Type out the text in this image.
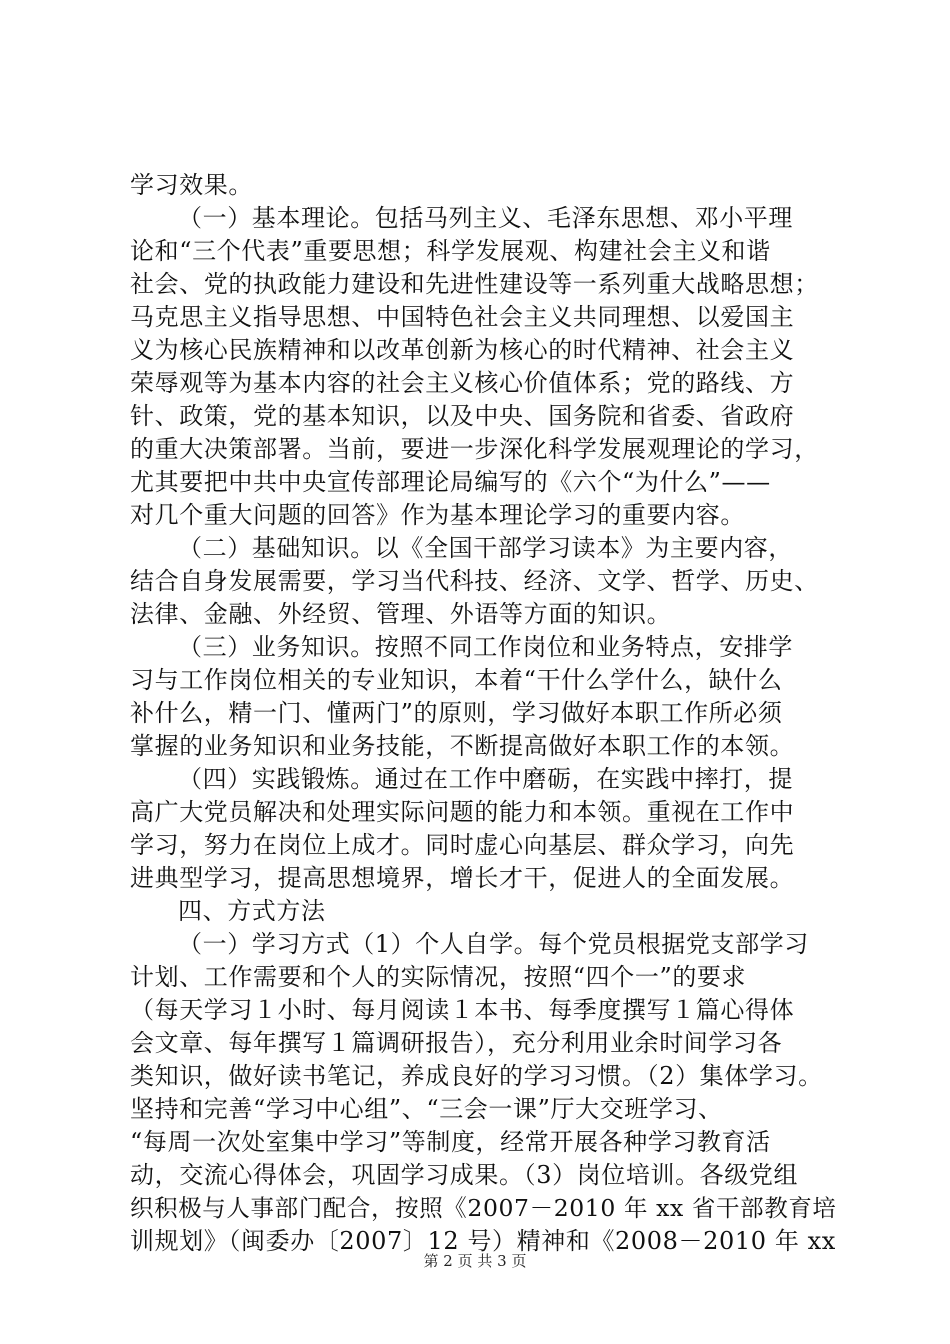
学习效果。
（一）基本理论。包括马列主义、毛泽东思想、邓小平理
论和“三个代表”重要思想；科学发展观、构建社会主义和谐
社会、党的执政能力建设和先进性建设等一系列重大战略思想；
马克思主义指导思想、中国特色社会主义共同理想、以爱国主
义为核心民族精神和以改革创新为核心的时代精神、社会主义
荣辱观等为基本内容的社会主义核心价值体系；党的路线、方
针、政策，党的基本知识，以及中央、国务院和省委、省政府
的重大决策部署。当前，要进一步深化科学发展观理论的学习，
尤其要把中共中央宣传部理论局编写的《六个“为什么”——
对几个重大问题的回答》作为基本理论学习的重要内容。
（二）基础知识。以《全国干部学习读本》为主要内容，
结合自身发展需要，学习当代科技、经济、文学、哲学、历史、
法律、金融、外经贸、管理、外语等方面的知识。
（三）业务知识。按照不同工作岗位和业务特点，安排学
习与工作岗位相关的专业知识，本着“干什么学什么，缺什么
补什么，精一门、懂两门”的原则，学习做好本职工作所必须
掌握的业务知识和业务技能，不断提高做好本职工作的本领。
（四）实践锻炼。通过在工作中磨砺，在实践中摔打，提
高广大党员解决和处理实际问题的能力和本领。重视在工作中
学习，努力在岗位上成才。同时虚心向基层、群众学习，向先
进典型学习，提高思想境界，增长才干，促进人的全面发展。
四、方式方法
（一）学习方式（1）个人自学。每个党员根据党支部学习
计划、工作需要和个人的实际情况，按照“四个一”的要求
（每天学习１小时、每月阅读１本书、每季度撰写１篇心得体
会文章、每年撰写１篇调研报告），充分利用业余时间学习各
类知识，做好读书笔记，养成良好的学习习惯。（2）集体学习。
坚持和完善“学习中心组”、“三会一课”厅大交班学习、
“每周一次处室集中学习”等制度，经常开展各种学习教育活
动，交流心得体会，巩固学习成果。（3）岗位培训。各级党组
织积极与人事部门配合，按照《2007－2010 年 xx 省干部教育培
训规划》（闽委办〔2007〕12 号）精神和《2008－2010 年 xx
第 2 页 共 3 页
